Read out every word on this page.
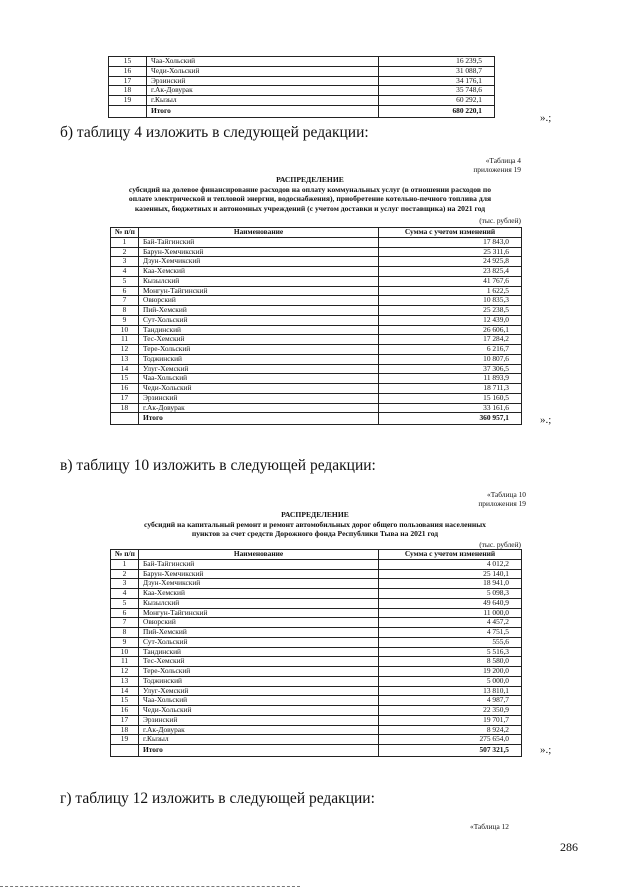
15	Чаа-Хольский	16 239,5
16	Чеди-Хольский	31 088,7
17	Эрзинский	34 176,1
18	г.Ак-Довурак	35 748,6
19	г.Кызыл	60 292,1
	Итого	680 220,1
».;
б) таблицу 4 изложить в следующей редакции:
«Таблица 4
приложения 19
РАСПРЕДЕЛЕНИЕ
субсидий на долевое финансирование расходов на оплату коммунальных услуг (в отношении расходов по
оплате электрической и тепловой энергии, водоснабжения), приобретение котельно-печного топлива для
казенных, бюджетных и автономных учреждений (с учетом доставки и услуг поставщика) на 2021 год
(тыс. рублей)
№ п/п	Наименование	Сумма с учетом изменений
1	Бай-Тайгинский	17 843,0
2	Барун-Хемчикский	25 311,6
3	Дзун-Хемчикский	24 925,8
4	Каа-Хемский	23 825,4
5	Кызылский	41 767,6
6	Монгун-Тайгинский	1 622,5
7	Овюрский	10 835,3
8	Пий-Хемский	25 238,5
9	Сут-Хольский	12 439,0
10	Тандинский	26 606,1
11	Тес-Хемский	17 284,2
12	Тере-Хольский	6 216,7
13	Тоджинский	10 807,6
14	Улуг-Хемский	37 306,5
15	Чаа-Хольский	11 893,9
16	Чеди-Хольский	18 711,3
17	Эрзинский	15 160,5
18	г.Ак-Довурак	33 161,6
	Итого	360 957,1	».;
в) таблицу 10 изложить в следующей редакции:
«Таблица 10
приложения 19
РАСПРЕДЕЛЕНИЕ
субсидий на капитальный ремонт и ремонт автомобильных дорог общего пользования населенных
пунктов за счет средств Дорожного фонда Республики Тыва на 2021 год
(тыс. рублей)
№ п/п	Наименование	Сумма с учетом изменений
1	Бай-Тайгинский	4 012,2
2	Барун-Хемчикский	25 140,1
3	Дзун-Хемчикский	18 941,0
4	Каа-Хемский	5 098,3
5	Кызылский	49 640,9
6	Монгун-Тайгинский	11 000,0
7	Овюрский	4 457,2
8	Пий-Хемский	4 751,5
9	Сут-Хольский	555,6
10	Тандинский	5 516,3
11	Тес-Хемский	8 580,0
12	Тере-Хольский	19 200,0
13	Тоджинский	5 000,0
14	Улуг-Хемский	13 810,1
15	Чаа-Хольский	4 987,7
16	Чеди-Хольский	22 350,9
17	Эрзинский	19 701,7
18	г.Ак-Довурак	8 924,2
19	г.Кызыл	275 654,0
	Итого	507 321,5	».;
г) таблицу 12 изложить в следующей редакции:
«Таблица 12
286
